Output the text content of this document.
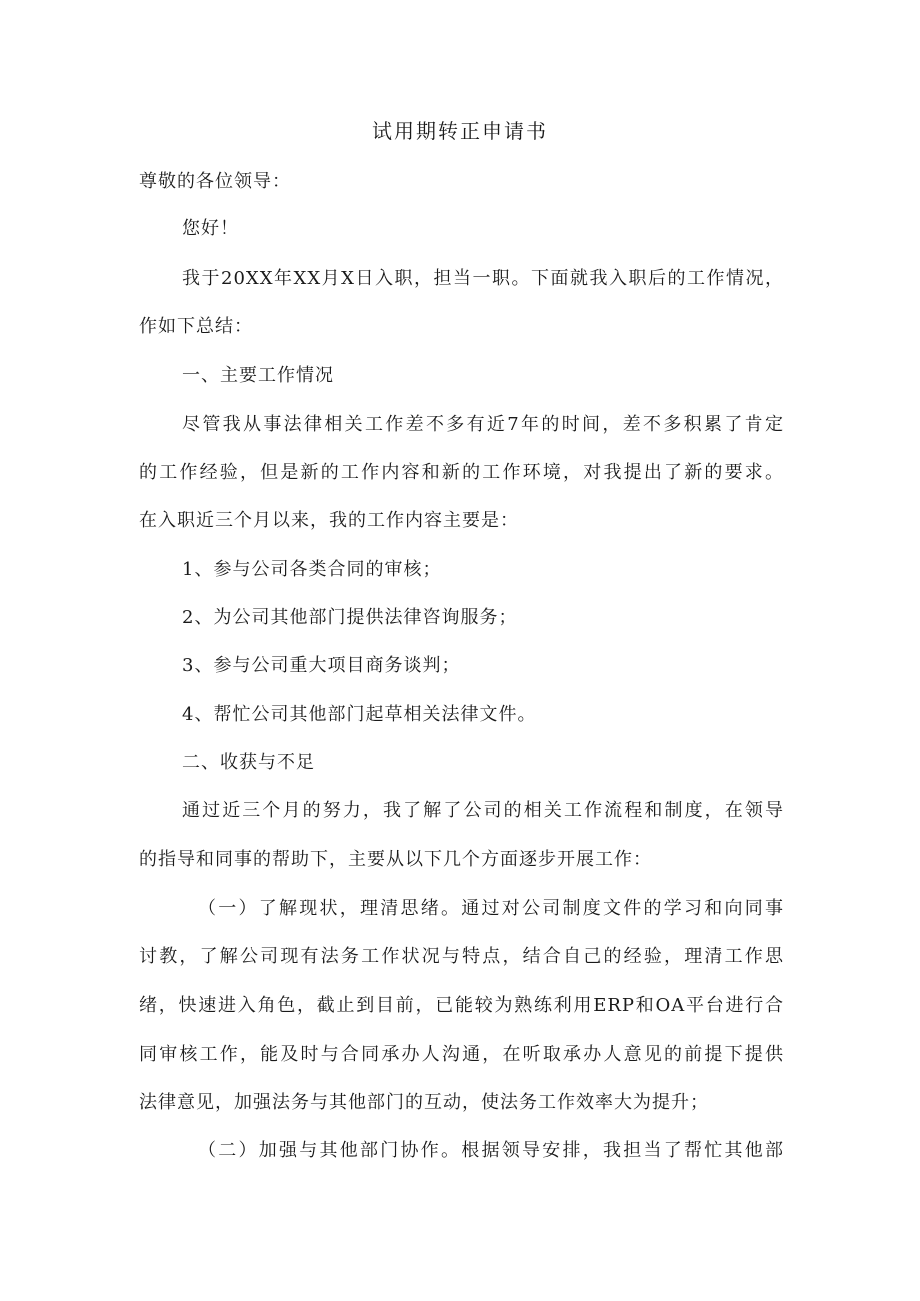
试用期转正申请书
尊敬的各位领导：
您好！
我于20XX年XX月X日入职，担当一职。下面就我入职后的工作情况，
作如下总结：
一、主要工作情况
尽管我从事法律相关工作差不多有近7年的时间，差不多积累了肯定
的工作经验，但是新的工作内容和新的工作环境，对我提出了新的要求。
在入职近三个月以来，我的工作内容主要是：
1、参与公司各类合同的审核；
2、为公司其他部门提供法律咨询服务；
3、参与公司重大项目商务谈判；
4、帮忙公司其他部门起草相关法律文件。
二、收获与不足
通过近三个月的努力，我了解了公司的相关工作流程和制度，在领导
的指导和同事的帮助下，主要从以下几个方面逐步开展工作：
（一）了解现状，理清思绪。通过对公司制度文件的学习和向同事
讨教，了解公司现有法务工作状况与特点，结合自己的经验，理清工作思
绪，快速进入角色，截止到目前，已能较为熟练利用ERP和OA平台进行合
同审核工作，能及时与合同承办人沟通，在听取承办人意见的前提下提供
法律意见，加强法务与其他部门的互动，使法务工作效率大为提升；
（二）加强与其他部门协作。根据领导安排，我担当了帮忙其他部
